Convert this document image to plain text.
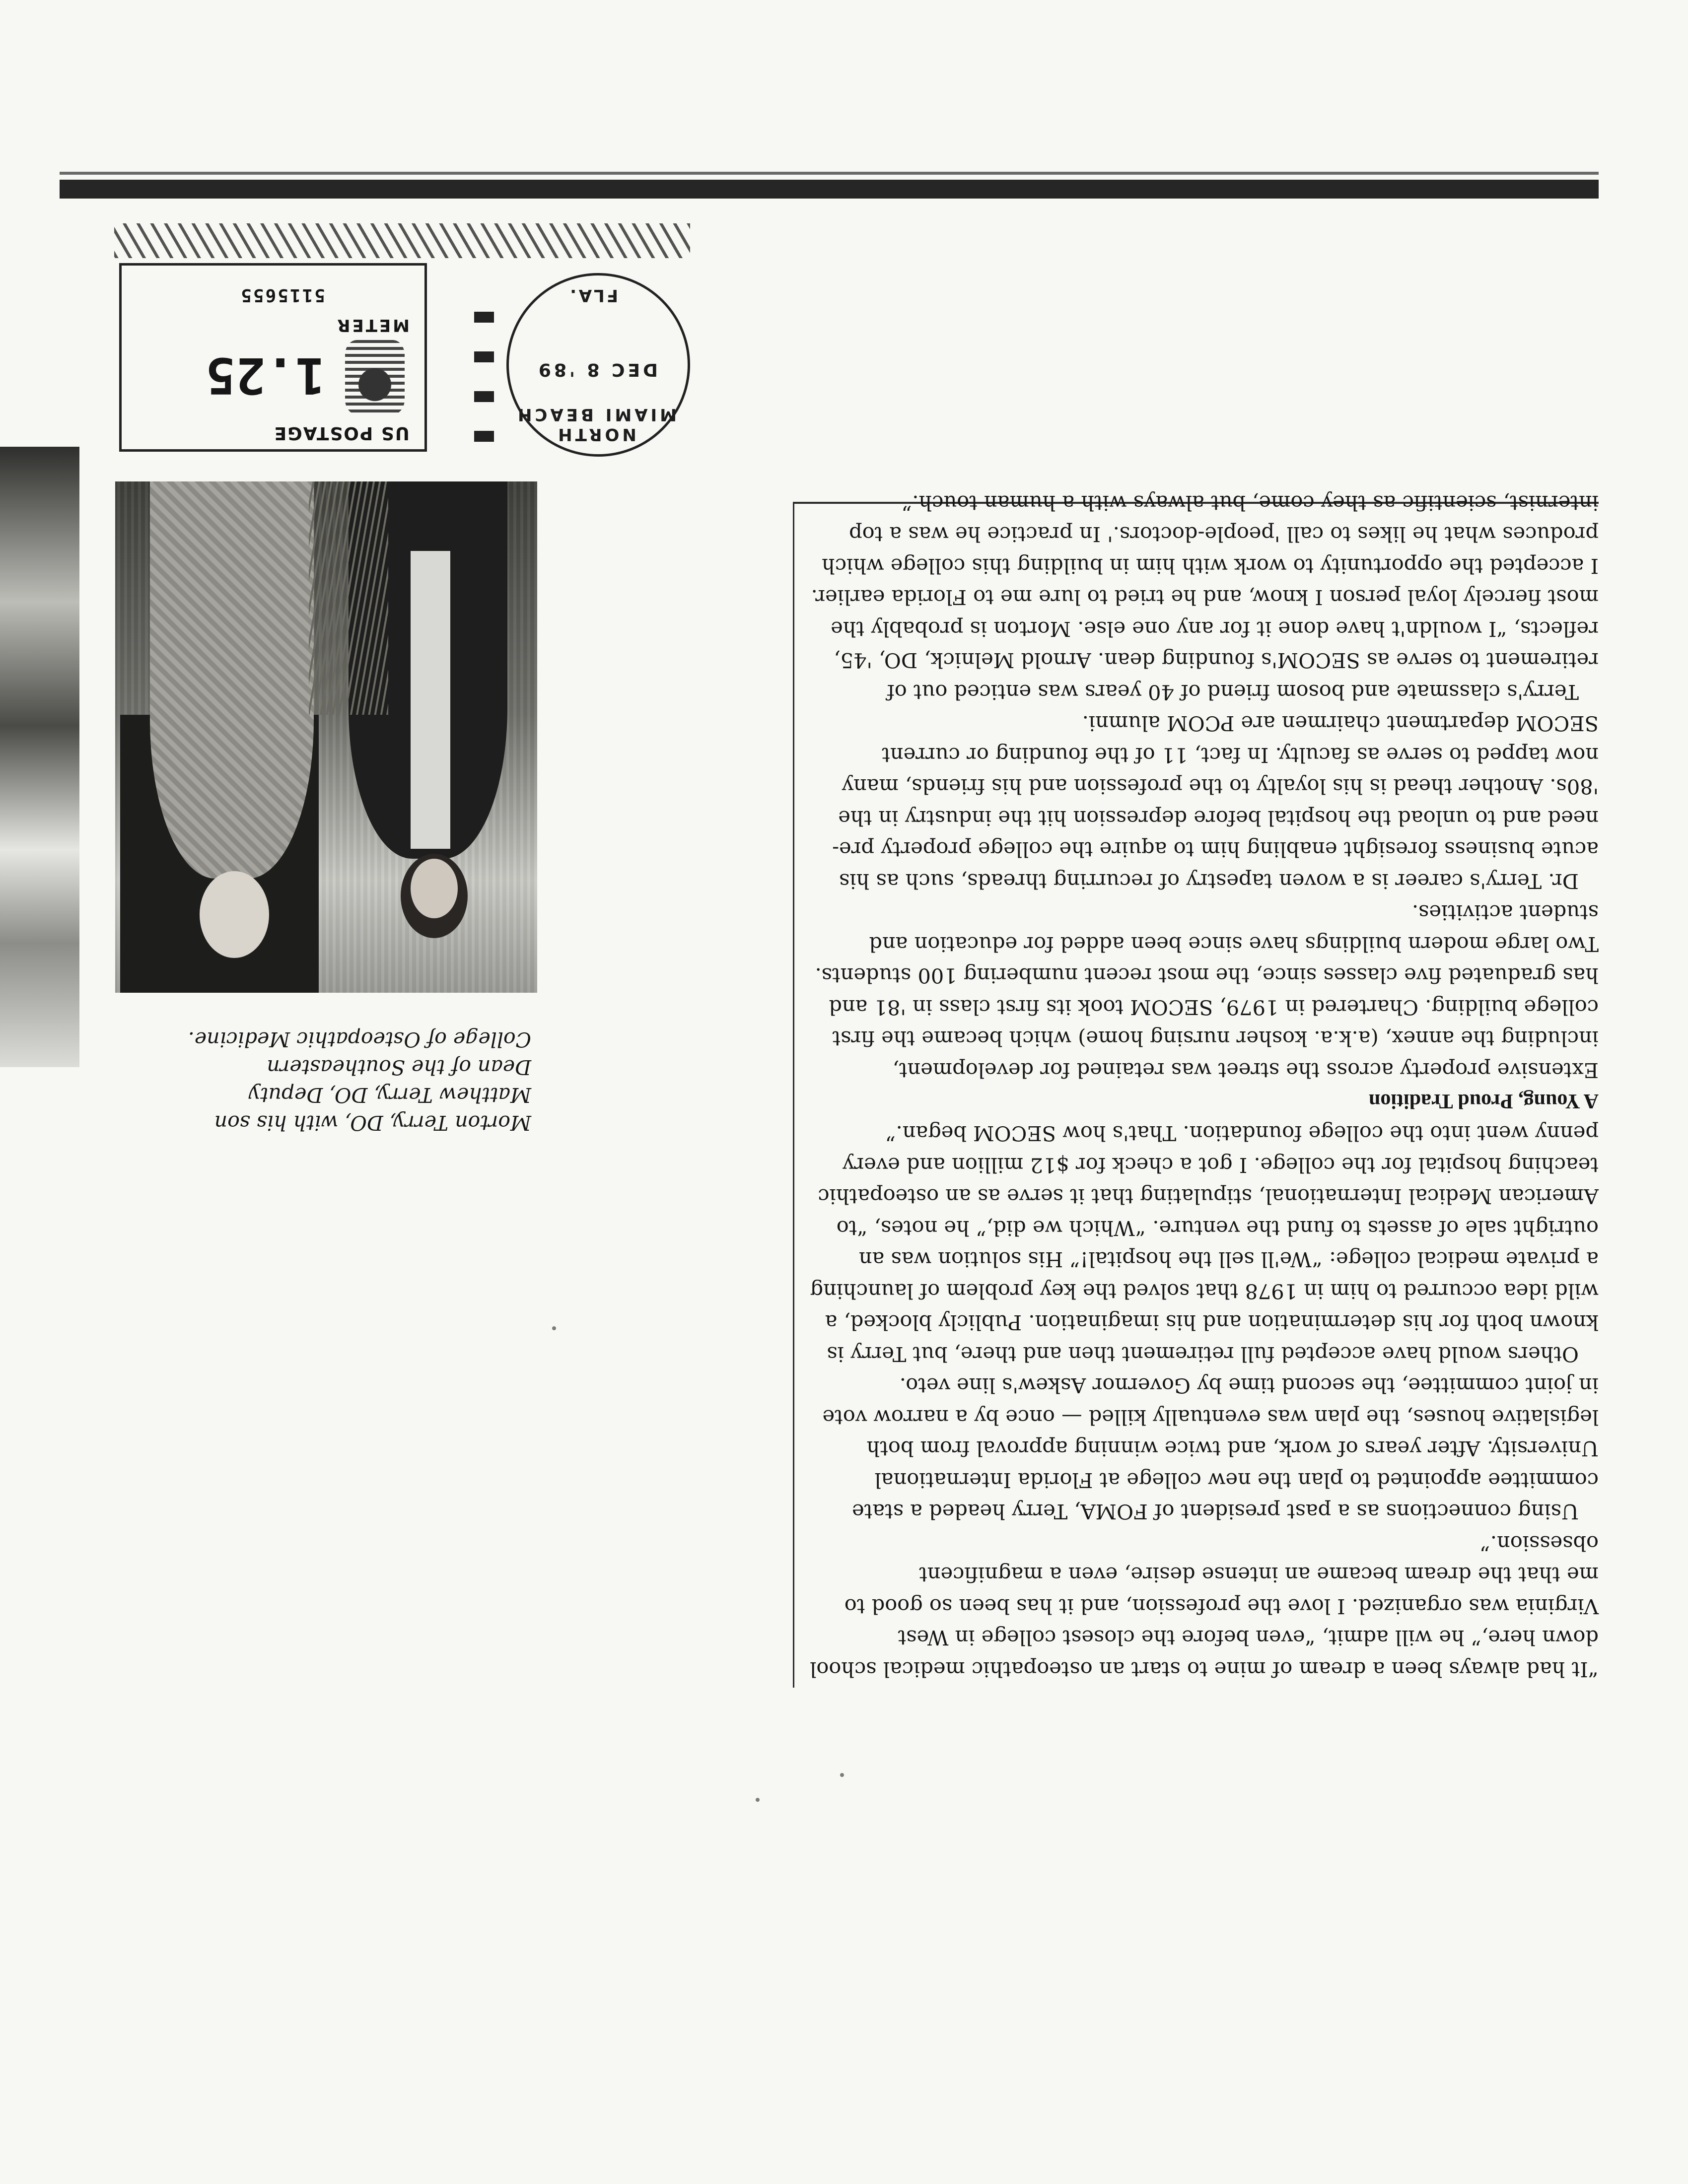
“It had always been a dream of mine to start an osteopathic medical school down here,” he will admit, “even before the closest college in West Virginia was organized. I love the profession, and it has been so good to me that the dream became an intense desire, even a magnificent obsession.”

Using connections as a past president of FOMA, Terry headed a state committee appointed to plan the new college at Florida International University. After years of work, and twice winning approval from both legislative houses, the plan was eventually killed — once by a narrow vote in joint committee, the second time by Governor Askew's line veto.

Others would have accepted full retirement then and there, but Terry is known both for his determination and his imagination. Publicly blocked, a wild idea occurred to him in 1978 that solved the key problem of launching a private medical college: “We'll sell the hospital!” His solution was an outright sale of assets to fund the venture. “Which we did,” he notes, “to American Medical International, stipulating that it serve as an osteopathic teaching hospital for the college. I got a check for $12 million and every penny went into the college foundation. That's how SECOM began.”

A Young, Proud Tradition

Extensive property across the street was retained for development, including the annex, (a.k.a. kosher nursing home) which became the first college building. Chartered in 1979, SECOM took its first class in '81 and has graduated five classes since, the most recent numbering 100 students. Two large modern buildings have since been added for education and student activities.

Dr. Terry's career is a woven tapestry of recurring threads, such as his acute business foresight enabling him to aquire the college property pre-need and to unload the hospital before depression hit the industry in the '80s. Another thead is his loyalty to the profession and his friends, many now tapped to serve as faculty. In fact, 11 of the founding or current SECOM department chairmen are PCOM alumni.

Terry's classmate and bosom friend of 40 years was enticed out of retirement to serve as SECOM's founding dean. Arnold Melnick, DO, '45, reflects, “I wouldn't have done it for any one else. Morton is probably the most fiercely loyal person I know, and he tried to lure me to Florida earlier. I accepted the opportunity to work with him in building this college which produces what he likes to call 'people-doctors.' In practice he was a top internist, scientific as they come, but always with a human touch.”

Morton Terry, DO, with his son
Matthew Terry, DO, Deputy
Dean of the Southeastern
College of Osteopathic Medicine.
NORTH MIAMI BEACH
DEC 8 '89
FLA.
US POSTAGE
1.25
METER
5115655
